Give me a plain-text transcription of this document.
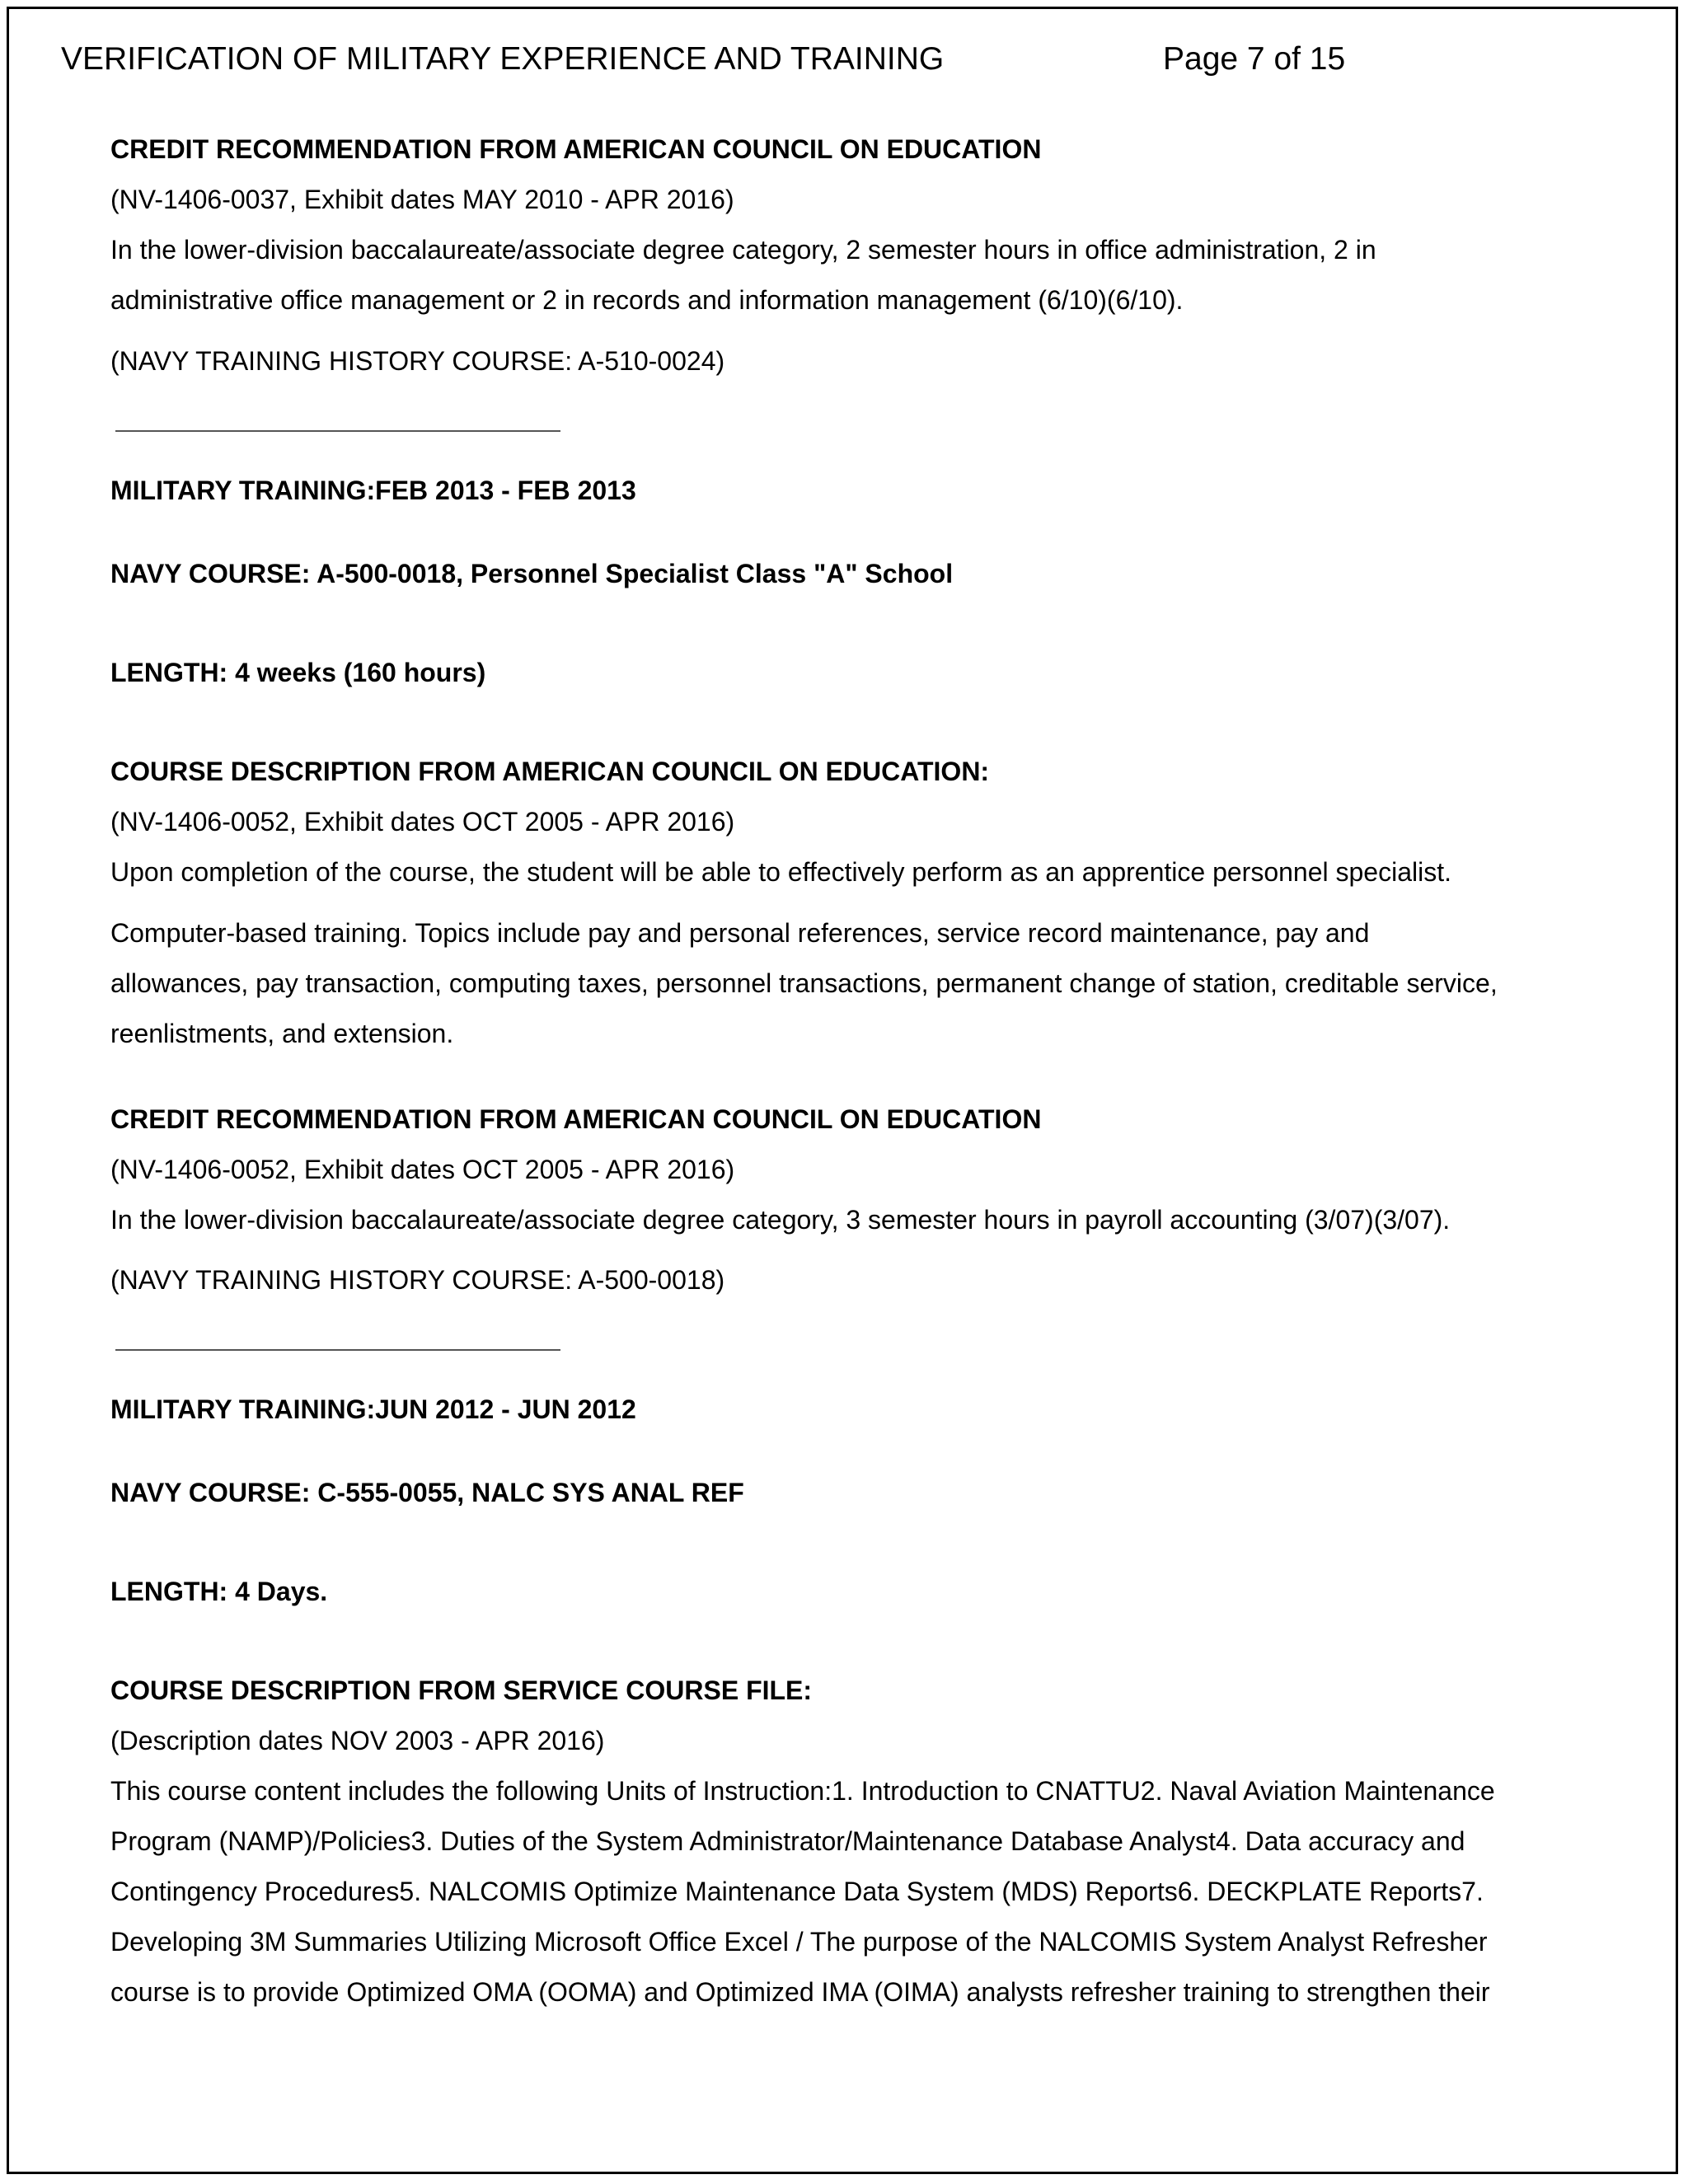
VERIFICATION OF MILITARY EXPERIENCE AND TRAINING	Page 7 of 15
CREDIT RECOMMENDATION FROM AMERICAN COUNCIL ON EDUCATION
(NV-1406-0037, Exhibit dates MAY 2010 - APR 2016)
In the lower-division baccalaureate/associate degree category, 2 semester hours in office administration, 2 in
administrative office management or 2 in records and information management (6/10)(6/10).
(NAVY TRAINING HISTORY COURSE: A-510-0024)
MILITARY TRAINING:FEB 2013 - FEB 2013
NAVY COURSE: A-500-0018, Personnel Specialist Class "A" School
LENGTH: 4 weeks (160 hours)
COURSE DESCRIPTION FROM AMERICAN COUNCIL ON EDUCATION:
(NV-1406-0052, Exhibit dates OCT 2005 - APR 2016)
Upon completion of the course, the student will be able to effectively perform as an apprentice personnel specialist.
Computer-based training. Topics include pay and personal references, service record maintenance, pay and
allowances, pay transaction, computing taxes, personnel transactions, permanent change of station, creditable service,
reenlistments, and extension.
CREDIT RECOMMENDATION FROM AMERICAN COUNCIL ON EDUCATION
(NV-1406-0052, Exhibit dates OCT 2005 - APR 2016)
In the lower-division baccalaureate/associate degree category, 3 semester hours in payroll accounting (3/07)(3/07).
(NAVY TRAINING HISTORY COURSE: A-500-0018)
MILITARY TRAINING:JUN 2012 - JUN 2012
NAVY COURSE: C-555-0055, NALC SYS ANAL REF
LENGTH: 4 Days.
COURSE DESCRIPTION FROM SERVICE COURSE FILE:
(Description dates NOV 2003 - APR 2016)
This course content includes the following Units of Instruction:1. Introduction to CNATTU2. Naval Aviation Maintenance
Program (NAMP)/Policies3. Duties of the System Administrator/Maintenance Database Analyst4. Data accuracy and
Contingency Procedures5. NALCOMIS Optimize Maintenance Data System (MDS) Reports6. DECKPLATE Reports7.
Developing 3M Summaries Utilizing Microsoft Office Excel / The purpose of the NALCOMIS System Analyst Refresher
course is to provide Optimized OMA (OOMA) and Optimized IMA (OIMA) analysts refresher training to strengthen their
